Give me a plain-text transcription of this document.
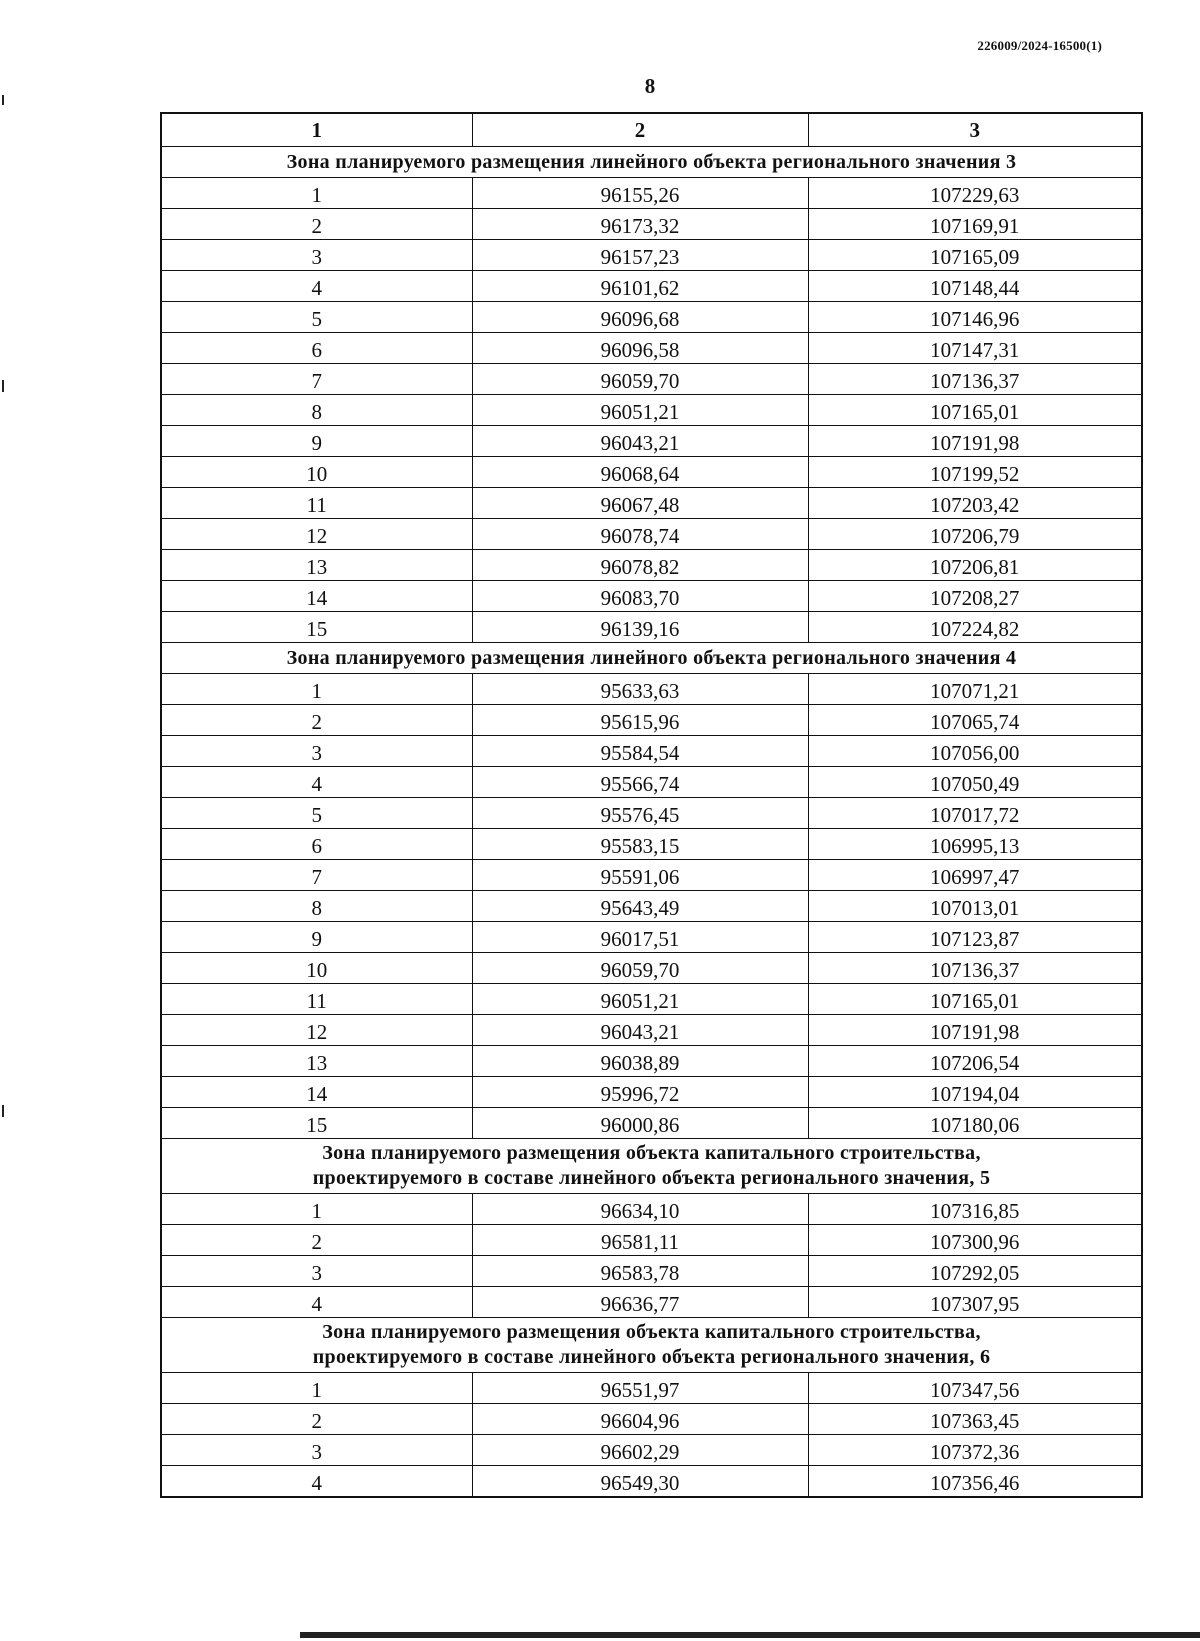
226009/2024-16500(1)
8
1	2	3

Зона планируемого размещения линейного объекта регионального значения 3		

1	96155,26	107229,63
2	96173,32	107169,91
3	96157,23	107165,09
4	96101,62	107148,44
5	96096,68	107146,96
6	96096,58	107147,31
7	96059,70	107136,37
8	96051,21	107165,01
9	96043,21	107191,98
10	96068,64	107199,52
11	96067,48	107203,42
12	96078,74	107206,79
13	96078,82	107206,81
14	96083,70	107208,27
15	96139,16	107224,82

Зона планируемого размещения линейного объекта регионального значения 4		

1	95633,63	107071,21
2	95615,96	107065,74
3	95584,54	107056,00
4	95566,74	107050,49
5	95576,45	107017,72
6	95583,15	106995,13
7	95591,06	106997,47
8	95643,49	107013,01
9	96017,51	107123,87
10	96059,70	107136,37
11	96051,21	107165,01
12	96043,21	107191,98
13	96038,89	107206,54
14	95996,72	107194,04
15	96000,86	107180,06

Зона планируемого размещения объекта капитального строительства,
проектируемого в составе линейного объекта регионального значения, 5		

1	96634,10	107316,85
2	96581,11	107300,96
3	96583,78	107292,05
4	96636,77	107307,95

Зона планируемого размещения объекта капитального строительства,
проектируемого в составе линейного объекта регионального значения, 6		

1	96551,97	107347,56
2	96604,96	107363,45
3	96602,29	107372,36
4	96549,30	107356,46
